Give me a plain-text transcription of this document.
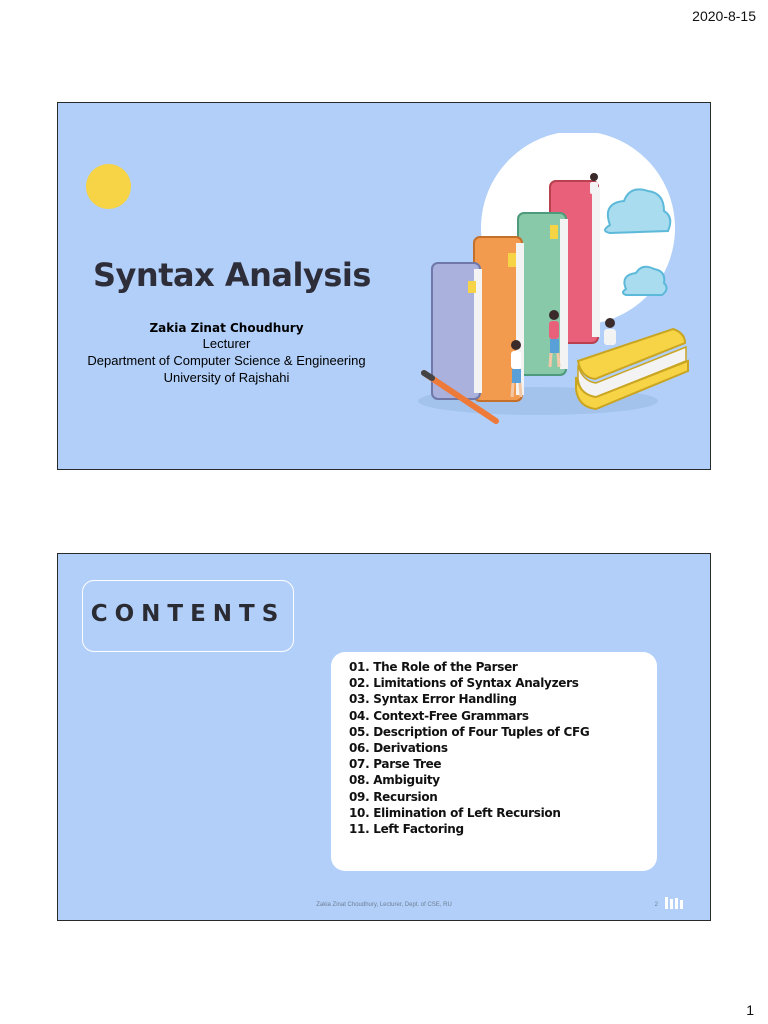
2020-8-15
Syntax Analysis
Zakia Zinat Choudhury
Lecturer
Department of Computer Science & Engineering
University of Rajshahi
CONTENTS
01. The Role of the Parser
02. Limitations of Syntax Analyzers
03. Syntax Error Handling
04. Context-Free Grammars
05. Description of Four Tuples of CFG
06. Derivations
07. Parse Tree
08. Ambiguity
09. Recursion
10. Elimination of Left Recursion
11. Left Factoring
Zakia Zinat Choudhury, Lecturer, Dept. of CSE, RU	2
1
